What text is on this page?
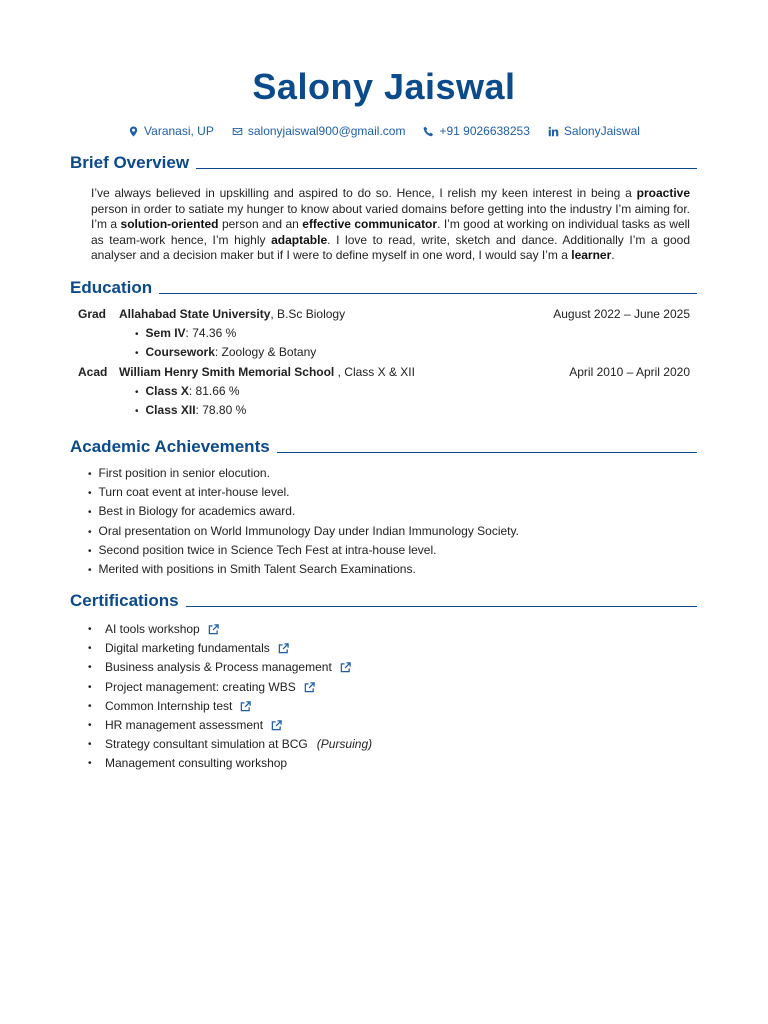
Salony Jaiswal
Varanasi, UP	salonyjaiswal900@gmail.com	+91 9026638253	SalonyJaiswal
Brief Overview
I’ve always believed in upskilling and aspired to do so. Hence, I relish my keen interest in being a proactive person in order to satiate my hunger to know about varied domains before getting into the industry I’m aiming for. I’m a solution-oriented person and an effective communicator. I’m good at working on individual tasks as well as team-work hence, I’m highly adaptable. I love to read, write, sketch and dance. Additionally I’m a good analyser and a decision maker but if I were to define myself in one word, I would say I’m a learner.
Education
Grad Allahabad State University, B.Sc Biology	August 2022 – June 2025
• Sem IV: 74.36 %
• Coursework: Zoology & Botany
Acad William Henry Smith Memorial School , Class X & XII	April 2010 – April 2020
• Class X: 81.66 %
• Class XII: 78.80 %
Academic Achievements
• First position in senior elocution.
• Turn coat event at inter-house level.
• Best in Biology for academics award.
• Oral presentation on World Immunology Day under Indian Immunology Society.
• Second position twice in Science Tech Fest at intra-house level.
• Merited with positions in Smith Talent Search Examinations.
Certifications
•	AI tools workshop
•	Digital marketing fundamentals
•	Business analysis & Process management
•	Project management: creating WBS
•	Common Internship test
•	HR management assessment
•	Strategy consultant simulation at BCG (Pursuing)
•	Management consulting workshop
